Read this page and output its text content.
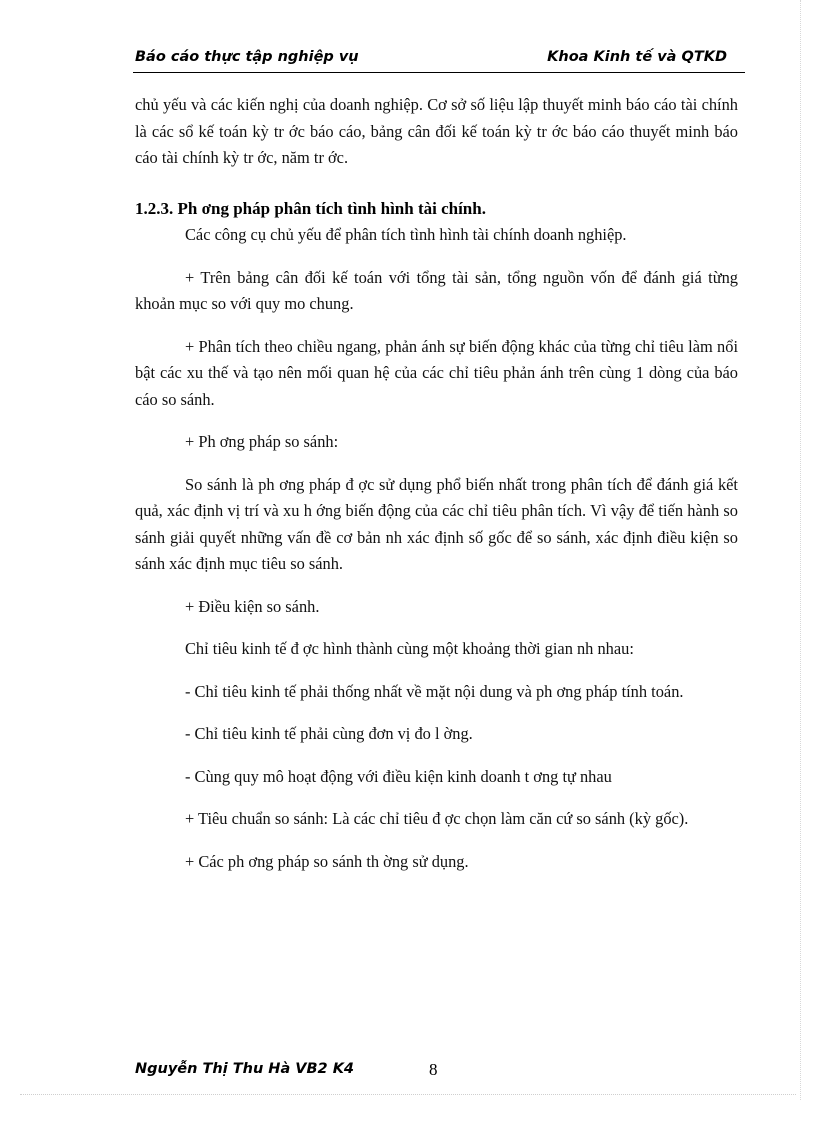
Báo cáo thực tập nghiệp vụ	Khoa Kinh tế và QTKD

chủ yếu và các kiến nghị của doanh nghiệp. Cơ sở số liệu lập thuyết minh báo cáo tài chính là các sổ kế toán kỳ tr ớc báo cáo, bảng cân đối kế toán kỳ tr ớc báo cáo thuyết minh báo cáo tài chính kỳ tr ớc, năm tr ớc.

1.2.3. Ph ơng pháp phân tích tình hình tài chính.

Các công cụ chủ yếu để phân tích tình hình tài chính doanh nghiệp.

+ Trên bảng cân đối kế toán với tổng tài sản, tổng nguồn vốn để đánh giá từng khoản mục so với quy mo chung.

+ Phân tích theo chiều ngang, phản ánh sự biến động khác của từng chỉ tiêu làm nổi bật các xu thế và tạo nên mối quan hệ của các chỉ tiêu phản ánh trên cùng 1 dòng của báo cáo so sánh.

+ Ph ơng pháp so sánh:

So sánh là ph ơng pháp đ ợc sử dụng phổ biến nhất trong phân tích để đánh giá kết quả, xác định vị trí và xu h ớng biến động của các chỉ tiêu phân tích. Vì vậy để tiến hành so sánh giải quyết những vấn đề cơ bản nh xác định số gốc để so sánh, xác định điều kiện so sánh xác định mục tiêu so sánh.

+ Điều kiện so sánh.

Chỉ tiêu kinh tế đ ợc hình thành cùng một khoảng thời gian nh nhau:

- Chỉ tiêu kinh tế phải thống nhất về mặt nội dung và ph ơng pháp tính toán.

- Chỉ tiêu kinh tế phải cùng đơn vị đo l ờng.

- Cùng quy mô hoạt động với điều kiện kinh doanh t ơng tự nhau

+ Tiêu chuẩn so sánh: Là các chỉ tiêu đ ợc chọn làm căn cứ so sánh (kỳ gốc).

+ Các ph ơng pháp so sánh th ờng sử dụng.

Nguyễn Thị Thu Hà VB2 K4	8
